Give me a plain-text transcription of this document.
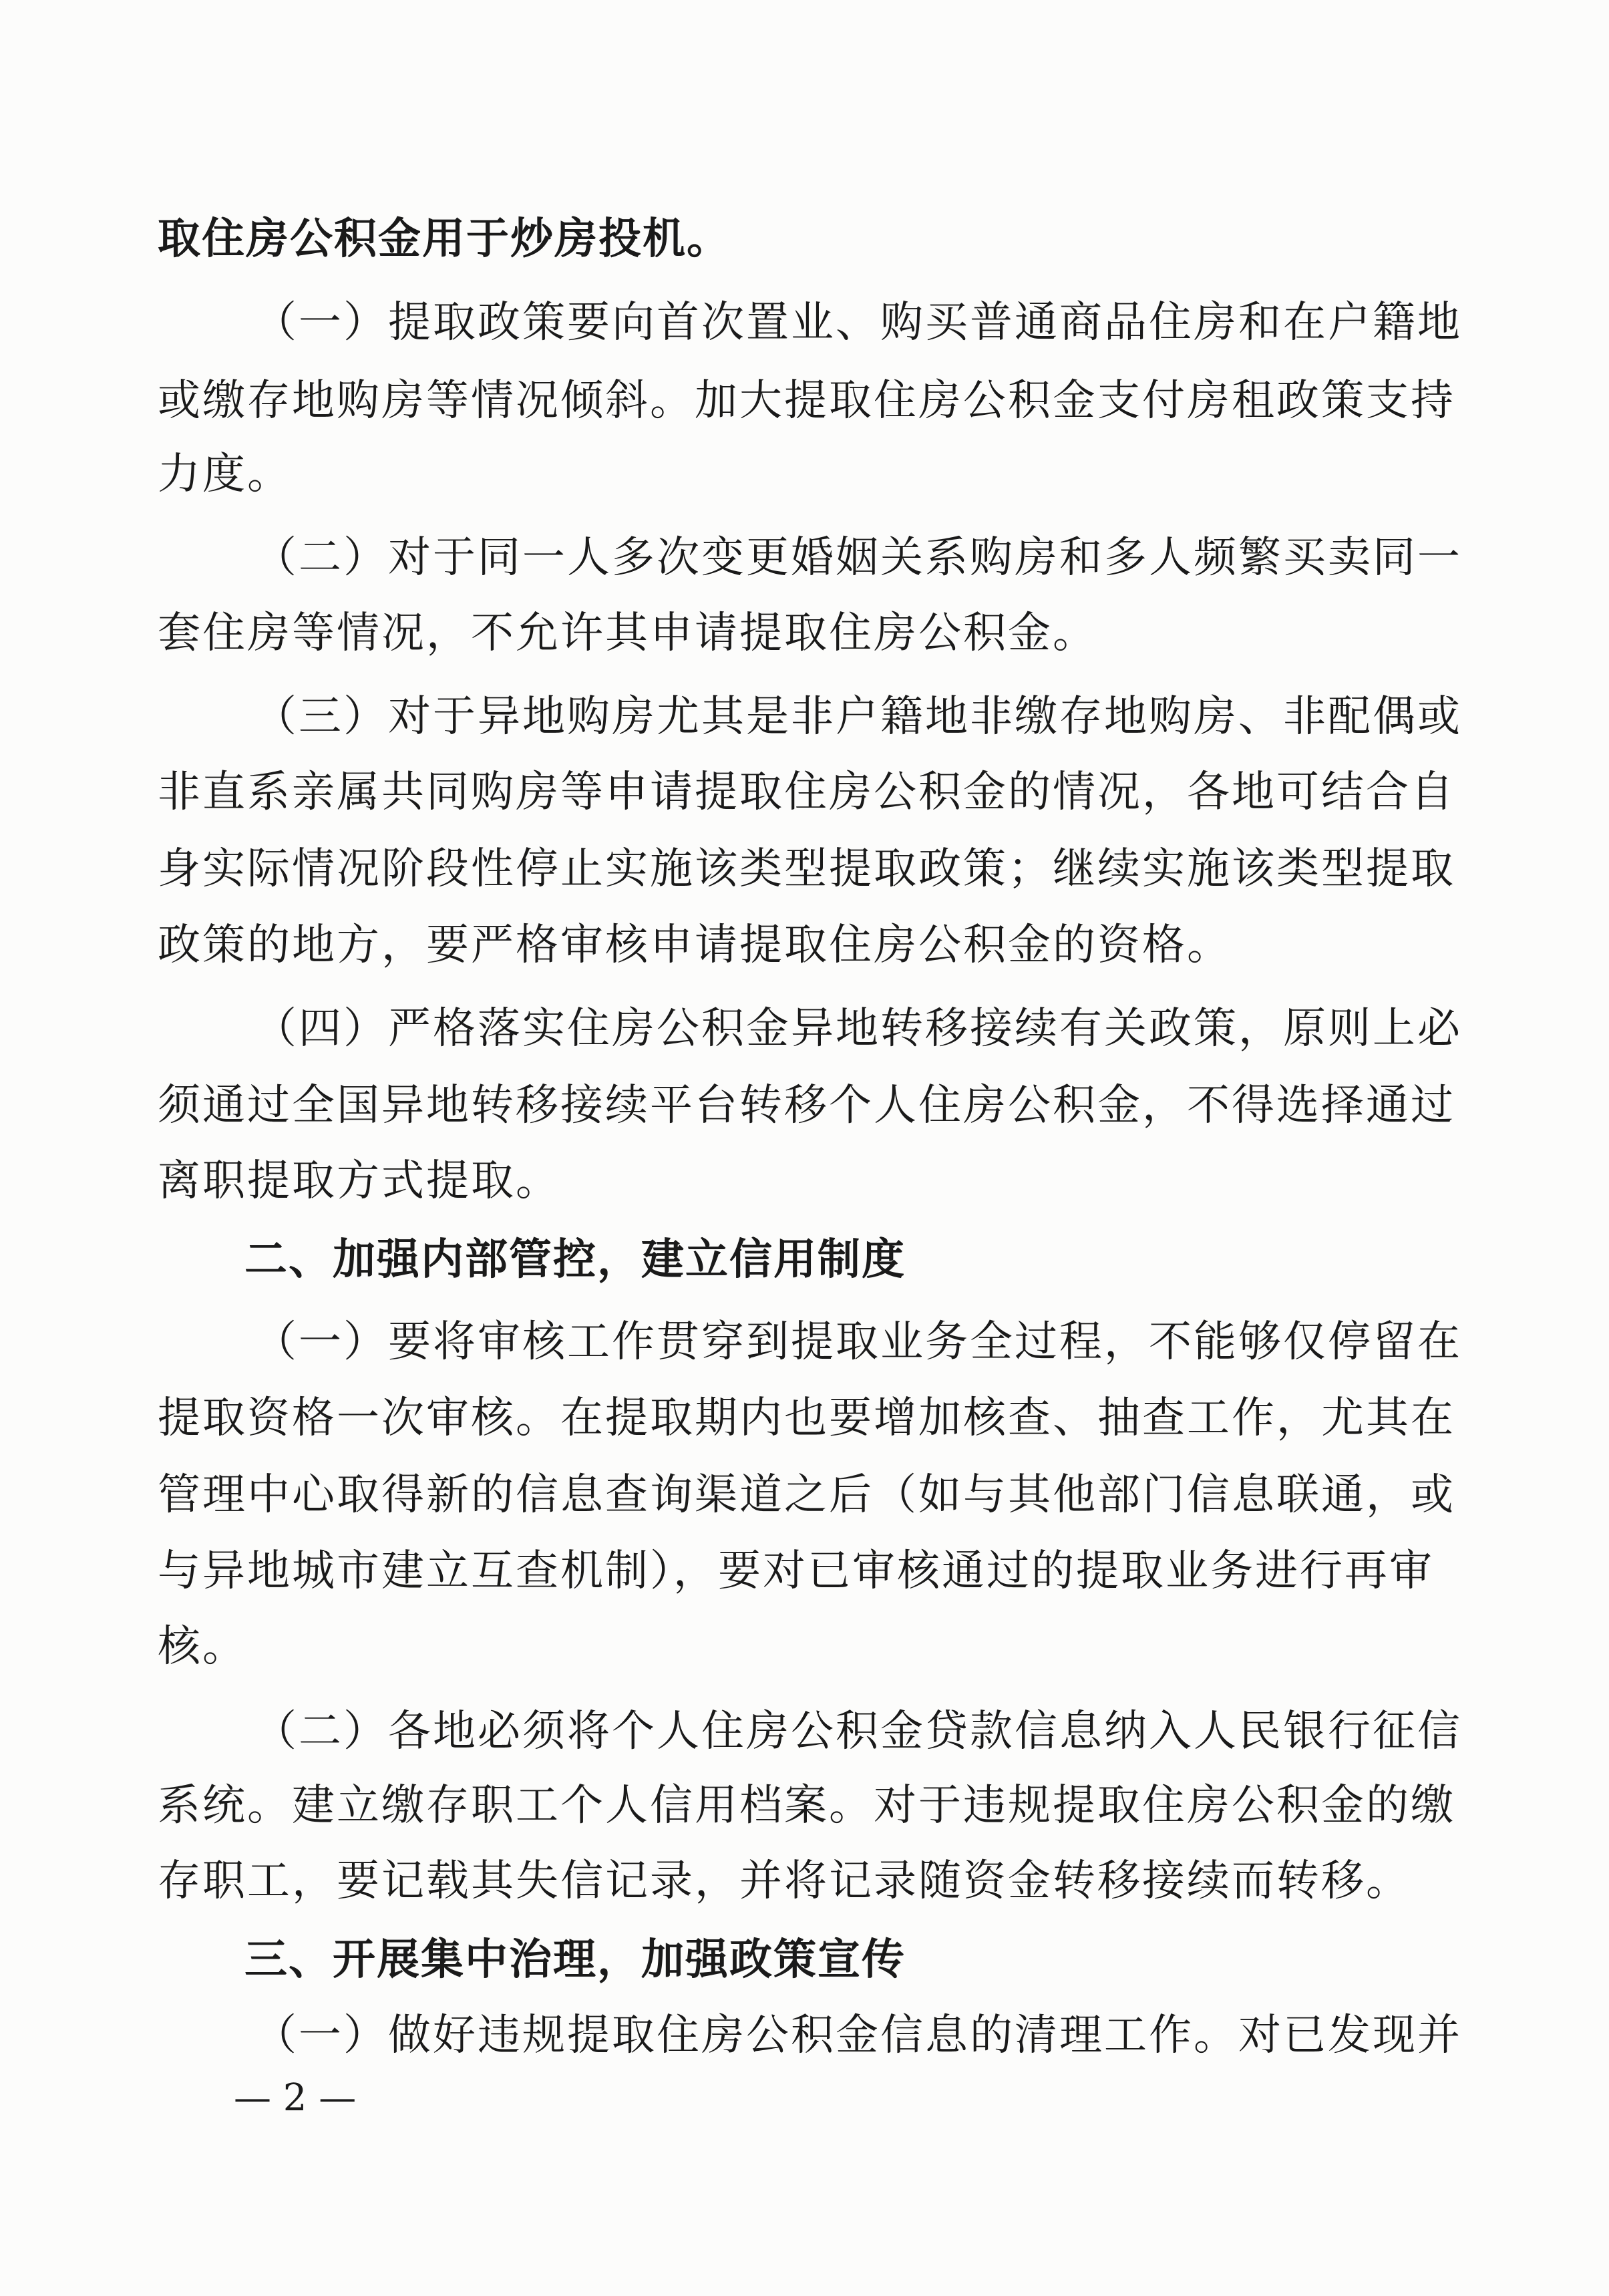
取住房公积金用于炒房投机。
（一）提取政策要向首次置业、购买普通商品住房和在户籍地
或缴存地购房等情况倾斜。加大提取住房公积金支付房租政策支持
力度。
（二）对于同一人多次变更婚姻关系购房和多人频繁买卖同一
套住房等情况，不允许其申请提取住房公积金。
（三）对于异地购房尤其是非户籍地非缴存地购房、非配偶或
非直系亲属共同购房等申请提取住房公积金的情况，各地可结合自
身实际情况阶段性停止实施该类型提取政策；继续实施该类型提取
政策的地方，要严格审核申请提取住房公积金的资格。
（四）严格落实住房公积金异地转移接续有关政策，原则上必
须通过全国异地转移接续平台转移个人住房公积金，不得选择通过
离职提取方式提取。
二、加强内部管控，建立信用制度
（一）要将审核工作贯穿到提取业务全过程，不能够仅停留在
提取资格一次审核。在提取期内也要增加核查、抽查工作，尤其在
管理中心取得新的信息查询渠道之后（如与其他部门信息联通，或
与异地城市建立互查机制），要对已审核通过的提取业务进行再审
核。
（二）各地必须将个人住房公积金贷款信息纳入人民银行征信
系统。建立缴存职工个人信用档案。对于违规提取住房公积金的缴
存职工，要记载其失信记录，并将记录随资金转移接续而转移。
三、开展集中治理，加强政策宣传
（一）做好违规提取住房公积金信息的清理工作。对已发现并
— 2 —
